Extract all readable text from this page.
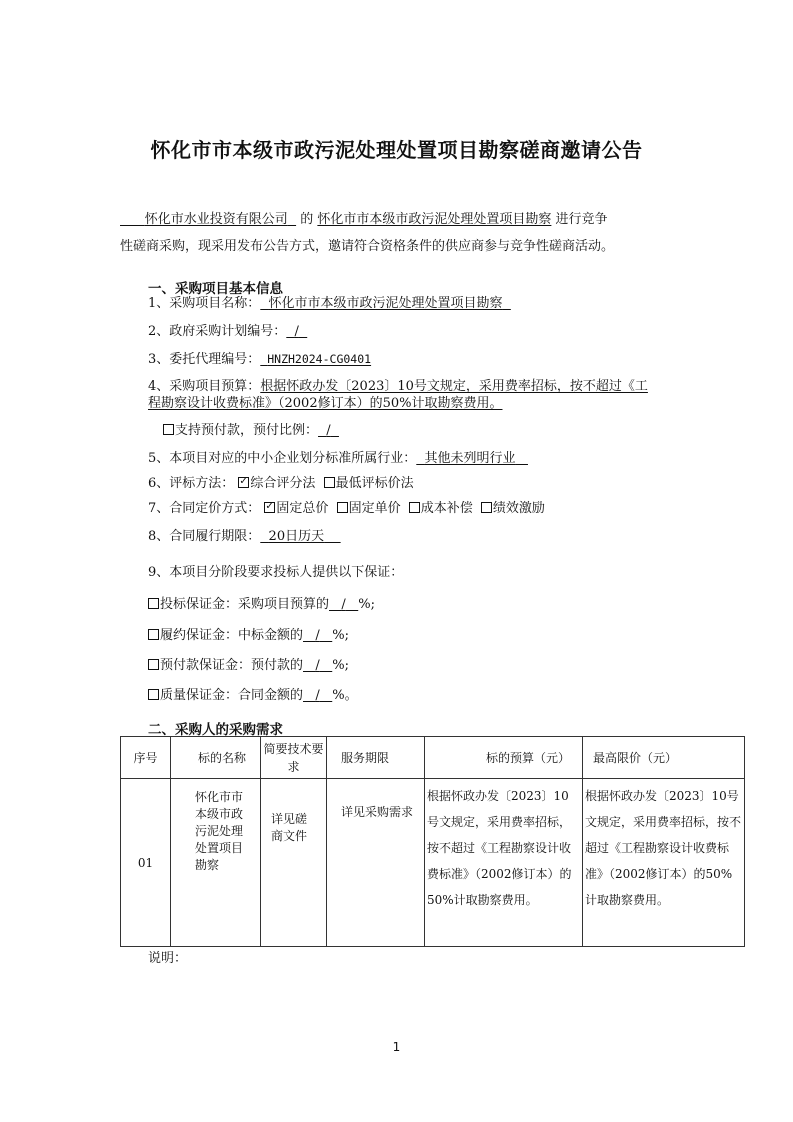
怀化市市本级市政污泥处理处置项目勘察磋商邀请公告
怀化市水业投资有限公司 的 怀化市市本级市政污泥处理处置项目勘察 进行竞争
性磋商采购，现采用发布公告方式，邀请符合资格条件的供应商参与竞争性磋商活动。
一、采购项目基本信息
1、采购项目名称： 怀化市市本级市政污泥处理处置项目勘察
2、政府采购计划编号： /
3、委托代理编号： HNZH2024-CG0401
4、采购项目预算：根据怀政办发〔2023〕10号文规定，采用费率招标，按不超过《工
程勘察设计收费标准》（2002修订本）的50%计取勘察费用。
支持预付款，预付比例： /
5、本项目对应的中小企业划分标准所属行业： 其他未列明行业
6、评标方法： ✓ 综合评分法 最低评标价法
7、合同定价方式： ✓ 固定总价 固定单价 成本补偿 绩效激励
8、合同履行期限： 20日历天
9、本项目分阶段要求投标人提供以下保证：
投标保证金：采购项目预算的 / %;
履约保证金：中标金额的 / %;
预付款保证金：预付款的 / %;
质量保证金：合同金额的 / %。
二、采购人的采购需求
序号	标的名称	简要技术要求	服务期限	标的预算（元）	最高限价（元）
01	怀化市市本级市政污泥处理处置项目勘察	详见磋商文件	详见采购需求	根据怀政办发〔2023〕10号文规定，采用费率招标，按不超过《工程勘察设计收费标准》（2002修订本）的50%计取勘察费用。	根据怀政办发〔2023〕10号文规定，采用费率招标，按不超过《工程勘察设计收费标准》（2002修订本）的50%计取勘察费用。
说明：
1
